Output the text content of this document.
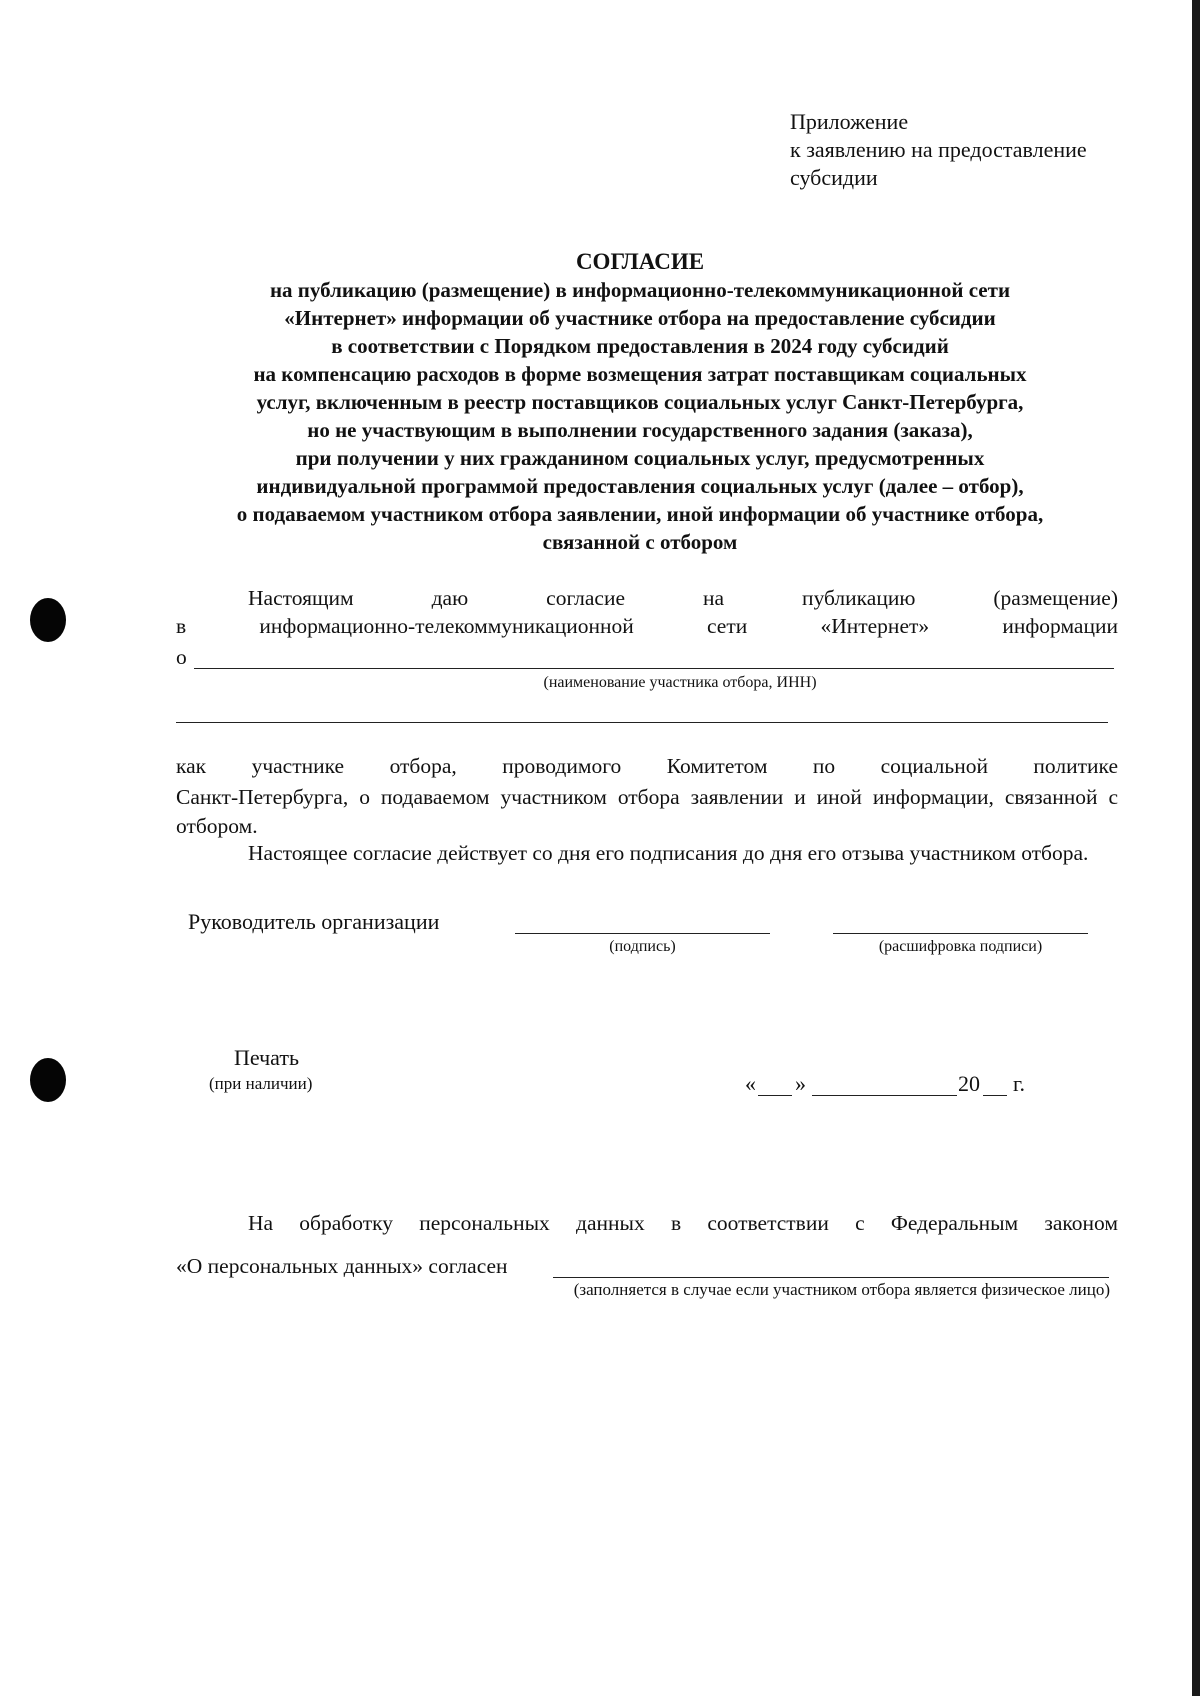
Приложение
к заявлению на предоставление
субсидии
СОГЛАСИЕ
на публикацию (размещение) в информационно-телекоммуникационной сети
«Интернет» информации об участнике отбора на предоставление субсидии
в соответствии с Порядком предоставления в 2024 году субсидий
на компенсацию расходов в форме возмещения затрат поставщикам социальных
услуг, включенным в реестр поставщиков социальных услуг Санкт-Петербурга,
но не участвующим в выполнении государственного задания (заказа),
при получении у них гражданином социальных услуг, предусмотренных
индивидуальной программой предоставления социальных услуг (далее – отбор),
о подаваемом участником отбора заявлении, иной информации об участнике отбора,
связанной с отбором
Настоящим даю согласие на публикацию (размещение)
в информационно-телекоммуникационной сети «Интернет» информации
о
(наименование участника отбора, ИНН)
как участнике отбора, проводимого Комитетом по социальной политике
Санкт-Петербурга, о подаваемом участником отбора заявлении и иной информации, связанной с отбором.
Настоящее согласие действует со дня его подписания до дня его отзыва участником отбора.
Руководитель организации
(подпись)	(расшифровка подписи)
Печать
(при наличии)	« »	20 г.
На обработку персональных данных в соответствии с Федеральным законом
«О персональных данных» согласен
(заполняется в случае если участником отбора является физическое лицо)
